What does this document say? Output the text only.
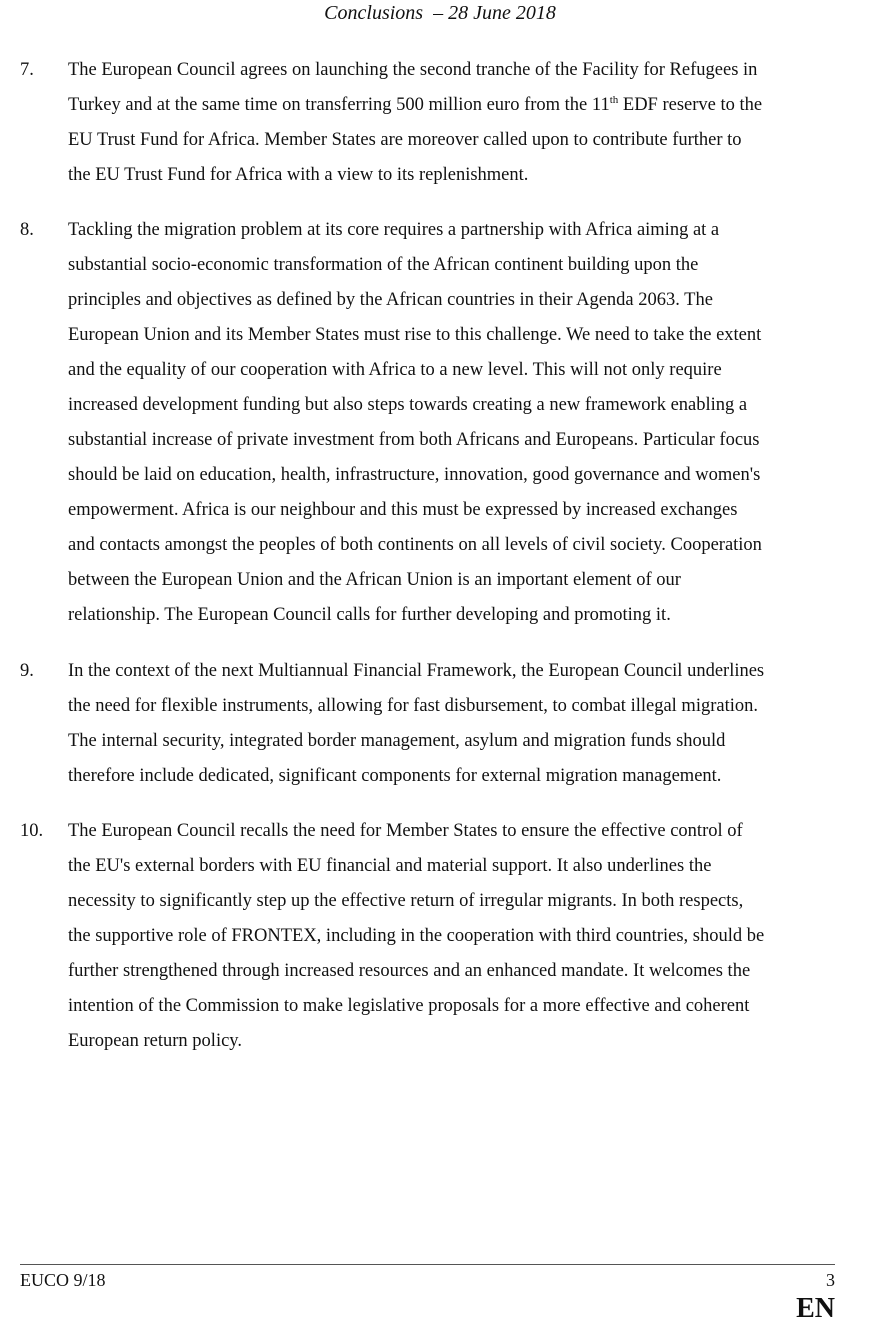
Conclusions  – 28 June 2018
7.	The European Council agrees on launching the second tranche of the Facility for Refugees in
Turkey and at the same time on transferring 500 million euro from the 11th EDF reserve to the
EU Trust Fund for Africa. Member States are moreover called upon to contribute further to
the EU Trust Fund for Africa with a view to its replenishment.
8.	Tackling the migration problem at its core requires a partnership with Africa aiming at a
substantial socio-economic transformation of the African continent building upon the
principles and objectives as defined by the African countries in their Agenda 2063. The
European Union and its Member States must rise to this challenge. We need to take the extent
and the equality of our cooperation with Africa to a new level. This will not only require
increased development funding but also steps towards creating a new framework enabling a
substantial increase of private investment from both Africans and Europeans. Particular focus
should be laid on education, health, infrastructure, innovation, good governance and women's
empowerment. Africa is our neighbour and this must be expressed by increased exchanges
and contacts amongst the peoples of both continents on all levels of civil society. Cooperation
between the European Union and the African Union is an important element of our
relationship. The European Council calls for further developing and promoting it.
9.	In the context of the next Multiannual Financial Framework, the European Council underlines
the need for flexible instruments, allowing for fast disbursement, to combat illegal migration.
The internal security, integrated border management, asylum and migration funds should
therefore include dedicated, significant components for external migration management.
10.	The European Council recalls the need for Member States to ensure the effective control of
the EU's external borders with EU financial and material support. It also underlines the
necessity to significantly step up the effective return of irregular migrants. In both respects,
the supportive role of FRONTEX, including in the cooperation with third countries, should be
further strengthened through increased resources and an enhanced mandate. It welcomes the
intention of the Commission to make legislative proposals for a more effective and coherent
European return policy.
EUCO 9/18	3
EN
